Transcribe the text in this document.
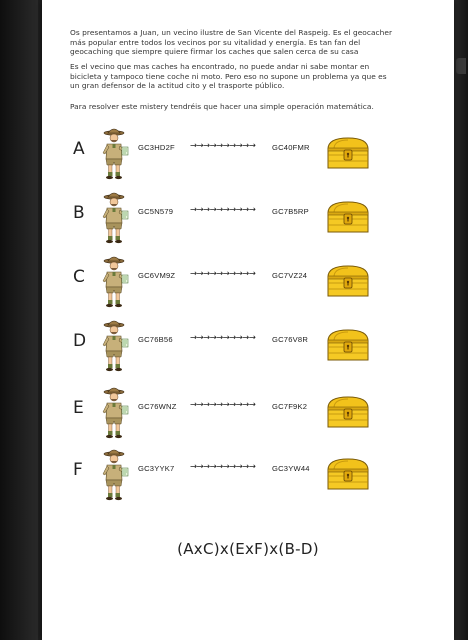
Os presentamos a Juan, un vecino ilustre de San Vicente del Raspeig. Es el geocacher más popular entre todos los vecinos por su vitalidad y energía. Es tan fan del geocaching que siempre quiere firmar los caches que salen cerca de su casa
Es el vecino que mas caches ha encontrado, no puede andar ni sabe montar en bicicleta y tampoco tiene coche ni moto. Pero eso no supone un problema ya que es un gran defensor de la actitud cito y el trasporte público.
Para resolver este mistery tendréis que hacer una simple operación matemática.
A	GC3HD2F →→→→→→→→→→ GC40FMR
B	GC5N579 →→→→→→→→→→ GC7B5RP
C	GC6VM9Z →→→→→→→→→→ GC7VZ24
D	GC76B56 →→→→→→→→→→ GC76V8R
E	GC76WNZ →→→→→→→→→→ GC7F9K2
F	GC3YYK7 →→→→→→→→→→ GC3YW44
(AxC)x(ExF)x(B-D)
